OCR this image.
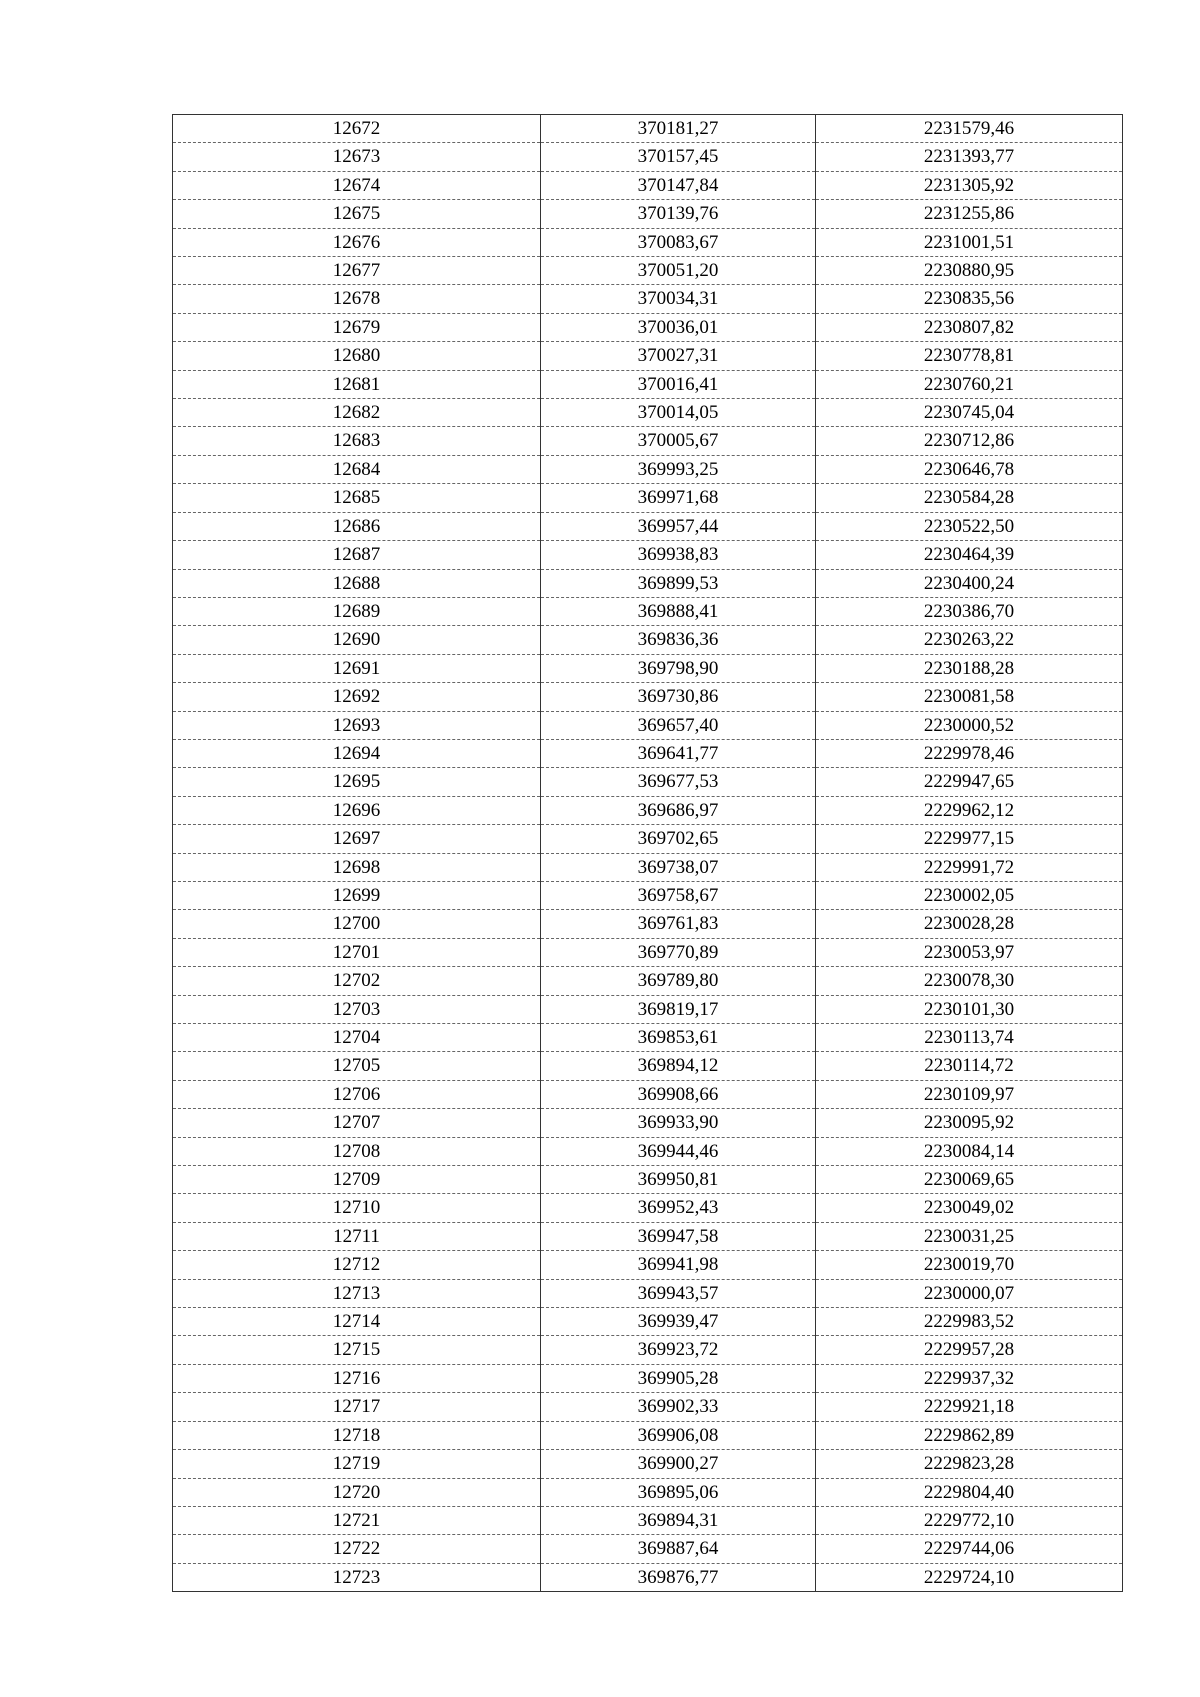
12672	370181,27	2231579,46
12673	370157,45	2231393,77
12674	370147,84	2231305,92
12675	370139,76	2231255,86
12676	370083,67	2231001,51
12677	370051,20	2230880,95
12678	370034,31	2230835,56
12679	370036,01	2230807,82
12680	370027,31	2230778,81
12681	370016,41	2230760,21
12682	370014,05	2230745,04
12683	370005,67	2230712,86
12684	369993,25	2230646,78
12685	369971,68	2230584,28
12686	369957,44	2230522,50
12687	369938,83	2230464,39
12688	369899,53	2230400,24
12689	369888,41	2230386,70
12690	369836,36	2230263,22
12691	369798,90	2230188,28
12692	369730,86	2230081,58
12693	369657,40	2230000,52
12694	369641,77	2229978,46
12695	369677,53	2229947,65
12696	369686,97	2229962,12
12697	369702,65	2229977,15
12698	369738,07	2229991,72
12699	369758,67	2230002,05
12700	369761,83	2230028,28
12701	369770,89	2230053,97
12702	369789,80	2230078,30
12703	369819,17	2230101,30
12704	369853,61	2230113,74
12705	369894,12	2230114,72
12706	369908,66	2230109,97
12707	369933,90	2230095,92
12708	369944,46	2230084,14
12709	369950,81	2230069,65
12710	369952,43	2230049,02
12711	369947,58	2230031,25
12712	369941,98	2230019,70
12713	369943,57	2230000,07
12714	369939,47	2229983,52
12715	369923,72	2229957,28
12716	369905,28	2229937,32
12717	369902,33	2229921,18
12718	369906,08	2229862,89
12719	369900,27	2229823,28
12720	369895,06	2229804,40
12721	369894,31	2229772,10
12722	369887,64	2229744,06
12723	369876,77	2229724,10
